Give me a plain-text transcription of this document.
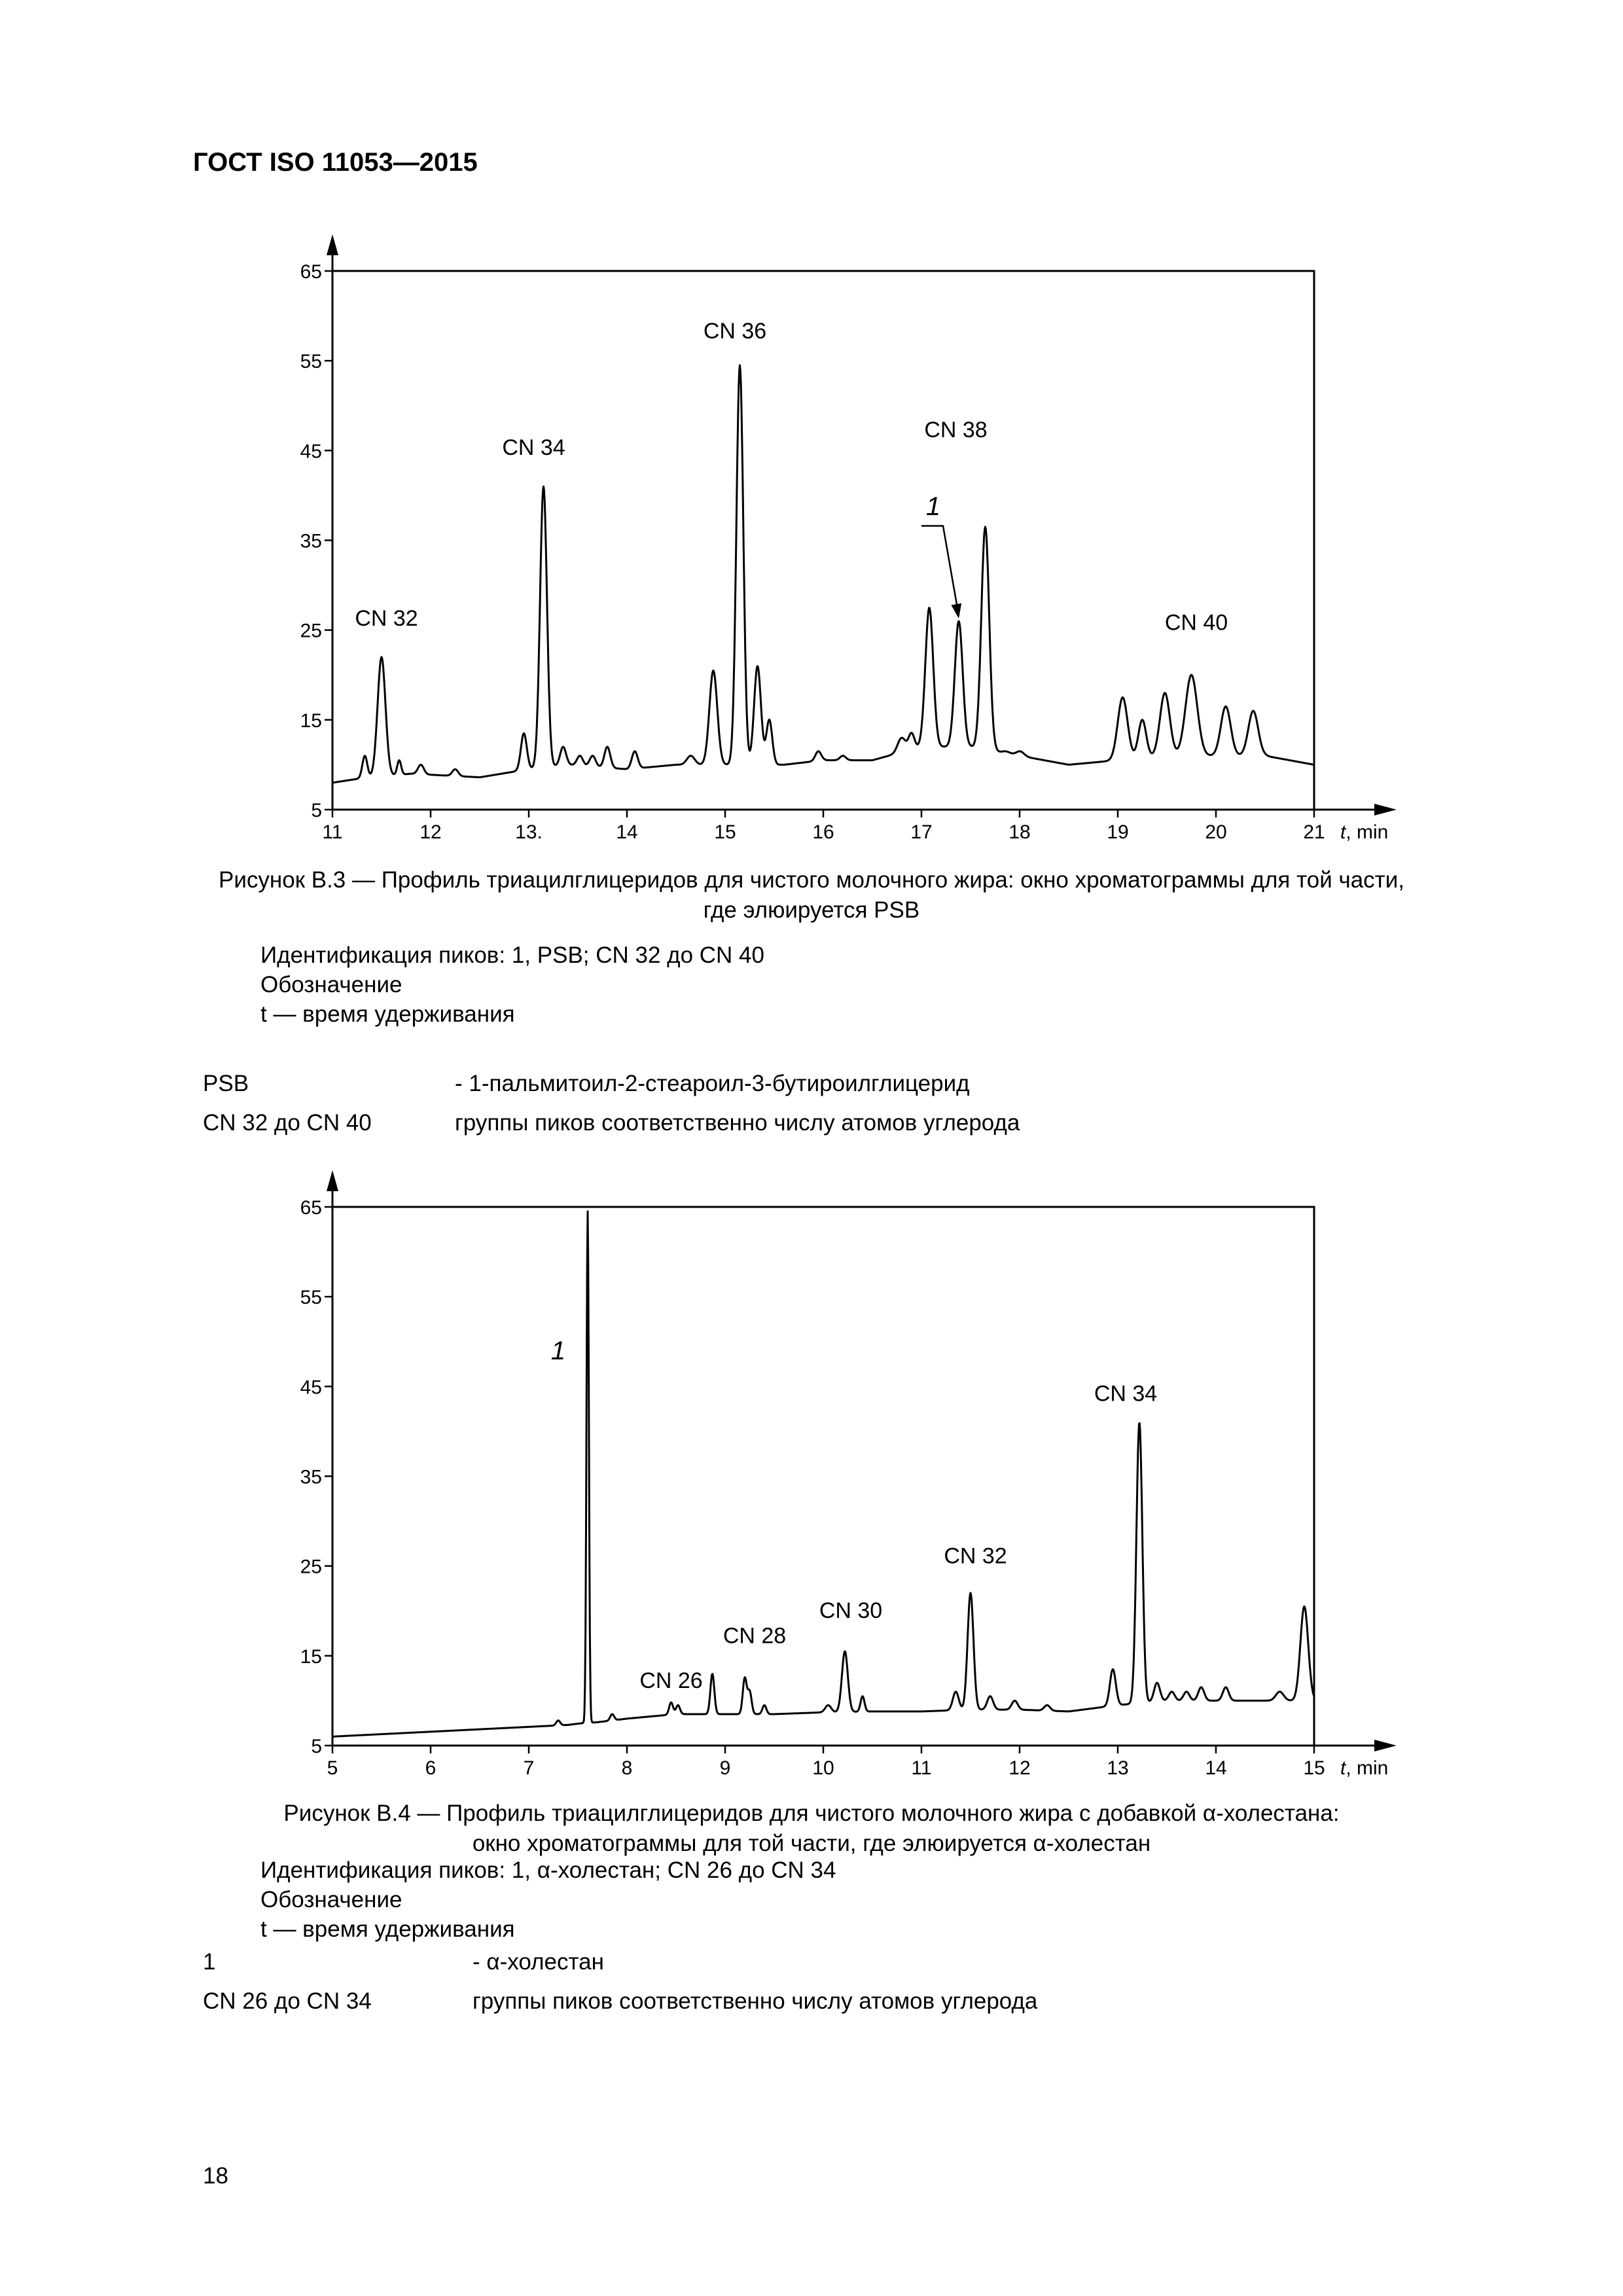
ГОСТ ISO 11053—2015
5
15
25
35
45
55
65
11	12	13.	14	15	16	17	18	19	20	21 t, min
CN 32
CN 34
CN 36
CN 38
CN 40
1
Рисунок В.3 — Профиль триацилглицеридов для чистого молочного жира: окно хроматограммы для той части,
где элюируется PSB
Идентификация пиков: 1, PSB; CN 32 до CN 40
Обозначение
t — время удерживания
PSB	- 1-пальмитоил-2-стеароил-3-бутироилглицерид
CN 32 до CN 40	группы пиков соответственно числу атомов углерода
5
15
25
35
45
55
65
5	6	7	8	9	10	11	12	13	14	15 t, min
CN 26
CN 28
CN 30
CN 32
CN 34
1
Рисунок В.4 — Профиль триацилглицеридов для чистого молочного жира с добавкой α-холестана:
окно хроматограммы для той части, где элюируется α-холестан
Идентификация пиков: 1, α-холестан; CN 26 до CN 34
Обозначение
t — время удерживания
1	- α-холестан
CN 26 до CN 34	группы пиков соответственно числу атомов углерода
18
